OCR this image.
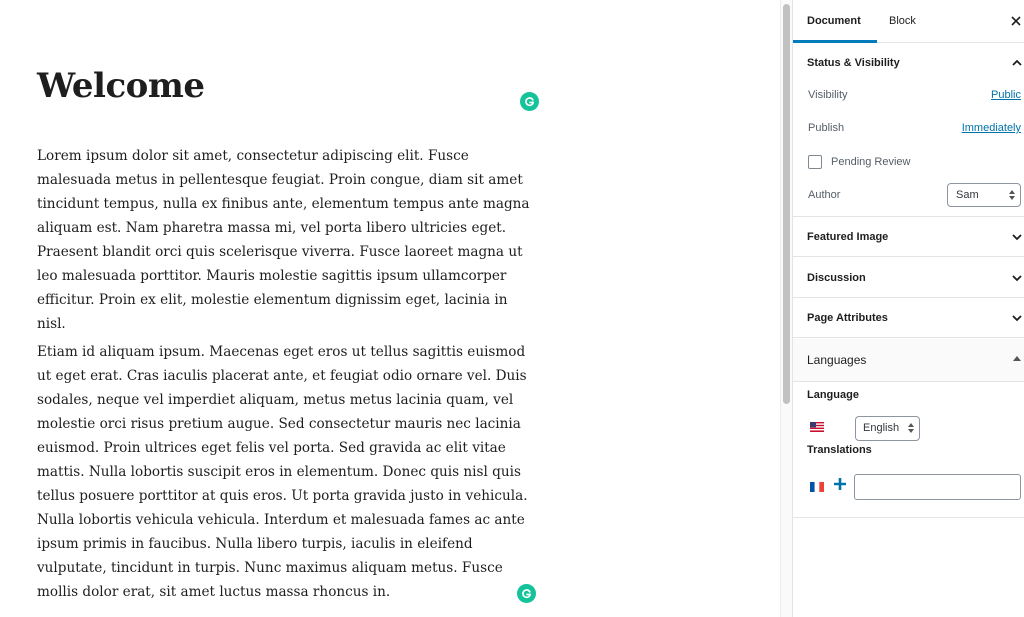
Welcome

Lorem ipsum dolor sit amet, consectetur adipiscing elit. Fusce malesuada metus in pellentesque feugiat. Proin congue, diam sit amet tincidunt tempus, nulla ex finibus ante, elementum tempus ante magna aliquam est. Nam pharetra massa mi, vel porta libero ultricies eget. Praesent blandit orci quis scelerisque viverra. Fusce laoreet magna ut leo malesuada porttitor. Mauris molestie sagittis ipsum ullamcorper efficitur. Proin ex elit, molestie elementum dignissim eget, lacinia in nisl.

Etiam id aliquam ipsum. Maecenas eget eros ut tellus sagittis euismod ut eget erat. Cras iaculis placerat ante, et feugiat odio ornare vel. Duis sodales, neque vel imperdiet aliquam, metus metus lacinia quam, vel molestie orci risus pretium augue. Sed consectetur mauris nec lacinia euismod. Proin ultrices eget felis vel porta. Sed gravida ac elit vitae mattis. Nulla lobortis suscipit eros in elementum. Donec quis nisl quis tellus posuere porttitor at quis eros. Ut porta gravida justo in vehicula. Nulla lobortis vehicula vehicula. Interdum et malesuada fames ac ante ipsum primis in faucibus. Nulla libero turpis, iaculis in eleifend vulputate, tincidunt in turpis. Nunc maximus aliquam metus. Fusce mollis dolor erat, sit amet luctus massa rhoncus in.

Document	Block
Status & Visibility
Visibility	Public
Publish	Immediately
Pending Review
Author	Sam
Featured Image
Discussion
Page Attributes
Languages
Language
English
Translations
